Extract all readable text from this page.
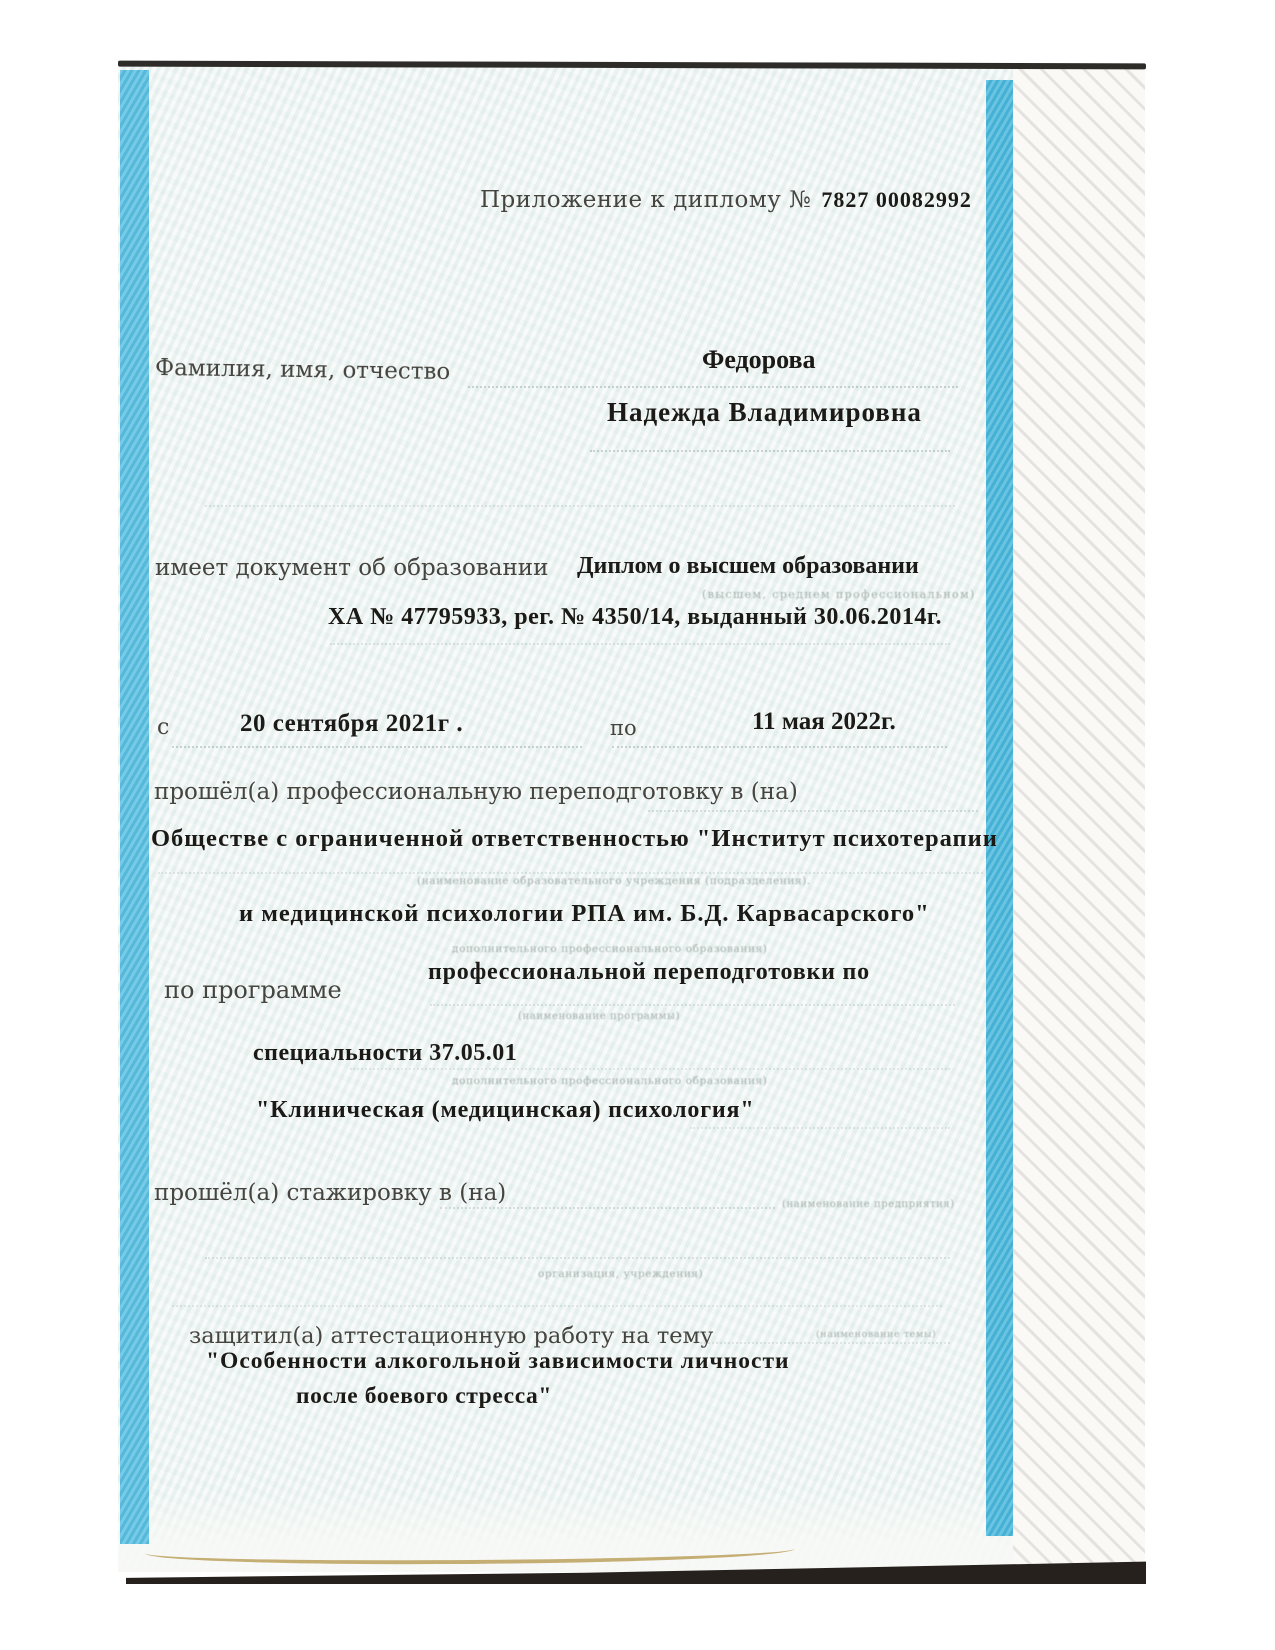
Приложение к диплому № 7827 00082992
Фамилия, имя, отчество	Федорова
Надежда Владимировна
имеет документ об образовании Диплом о высшем образовании
(высшем, среднем профессиональном)
ХА № 47795933, рег. № 4350/14, выданный 30.06.2014г.
с	20 сентября 2021г .	по	11 мая 2022г.
прошёл(а) профессиональную переподготовку в (на)
Обществе с ограниченной ответственностью "Институт психотерапии
(наименование образовательного учреждения (подразделения).
и медицинской психологии РПА им. Б.Д. Карвасарского"
дополнительного профессионального образования)
по программе
профессиональной переподготовки по
(наименование программы)
специальности 37.05.01
дополнительного профессионального образования)
"Клиническая (медицинская) психология"
прошёл(а) стажировку в (на)	(наименование предприятия)
организация, учреждения)
защитил(а) аттестационную работу на тему	(наименование темы)
"Особенности алкогольной зависимости личности
после боевого стресса"
